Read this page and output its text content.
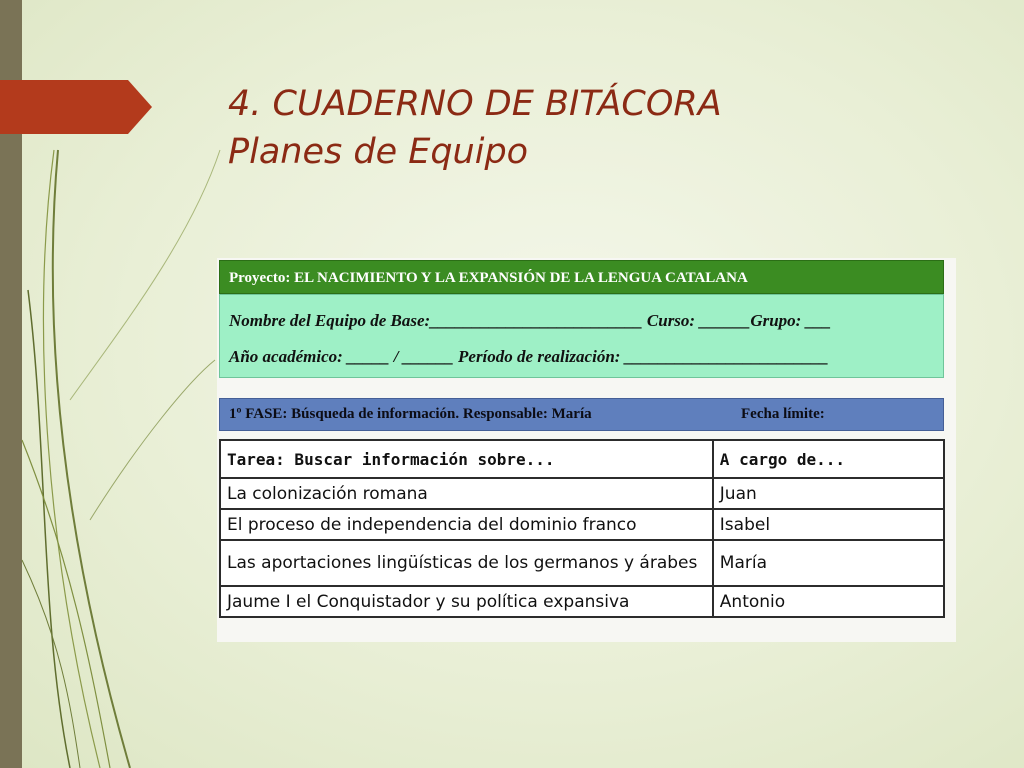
4. CUADERNO DE BITÁCORA
Planes de Equipo
Proyecto: EL NACIMIENTO Y LA EXPANSIÓN DE LA LENGUA CATALANA
Nombre del Equipo de Base:_________________________ Curso: ______Grupo: ___
Año académico: _____ / ______ Período de realización: ________________________
1º FASE: Búsqueda de información. Responsable: María	Fecha límite:
Tarea: Buscar información sobre...	A cargo de...
La colonización romana	Juan
El proceso de independencia del dominio franco	Isabel
Las aportaciones lingüísticas de los germanos y árabes	María
Jaume I el Conquistador y su política expansiva	Antonio
